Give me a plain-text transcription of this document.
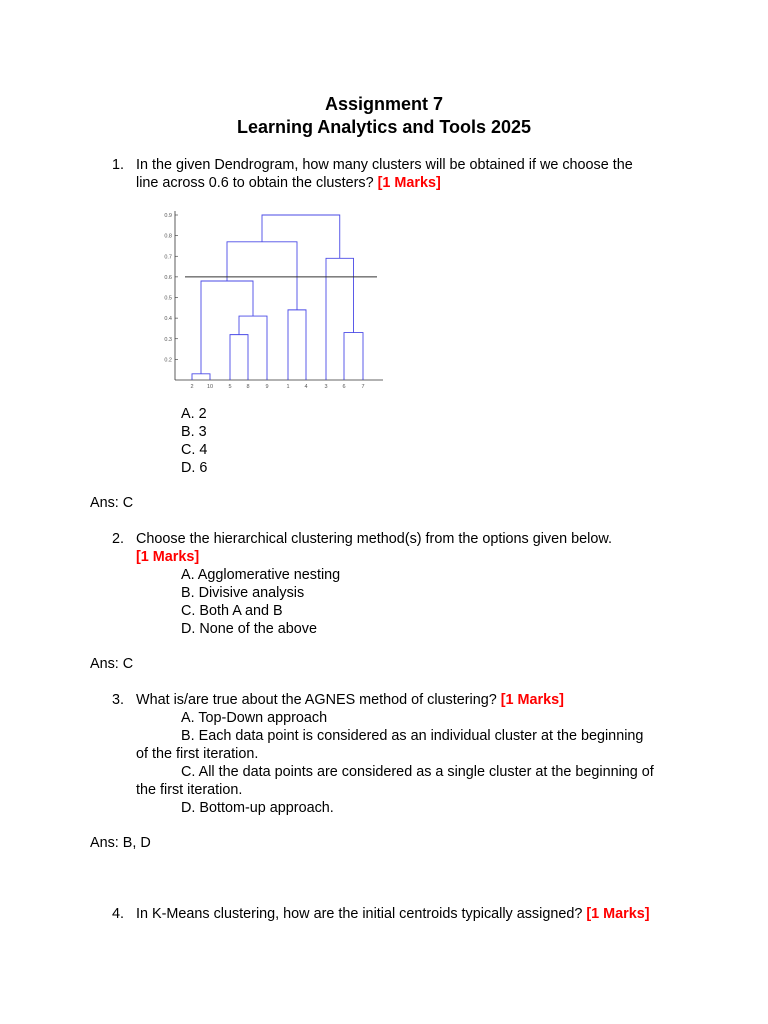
Assignment 7
Learning Analytics and Tools 2025
1. In the given Dendrogram, how many clusters will be obtained if we choose the
line across 0.6 to obtain the clusters? [1 Marks]
0.9
0.8
0.7
0.6
0.5
0.4
0.3
0.2
2 10	5	8	9	1	4	3	6	7
A. 2
B. 3
C. 4
D. 6
Ans: C
2. Choose the hierarchical clustering method(s) from the options given below.
[1 Marks]
A. Agglomerative nesting
B. Divisive analysis
C. Both A and B
D. None of the above
Ans: C
3. What is/are true about the AGNES method of clustering? [1 Marks]
A. Top-Down approach
B. Each data point is considered as an individual cluster at the beginning
of the first iteration.
C. All the data points are considered as a single cluster at the beginning of
the first iteration.
D. Bottom-up approach.
Ans: B, D
4. In K-Means clustering, how are the initial centroids typically assigned? [1 Marks]
